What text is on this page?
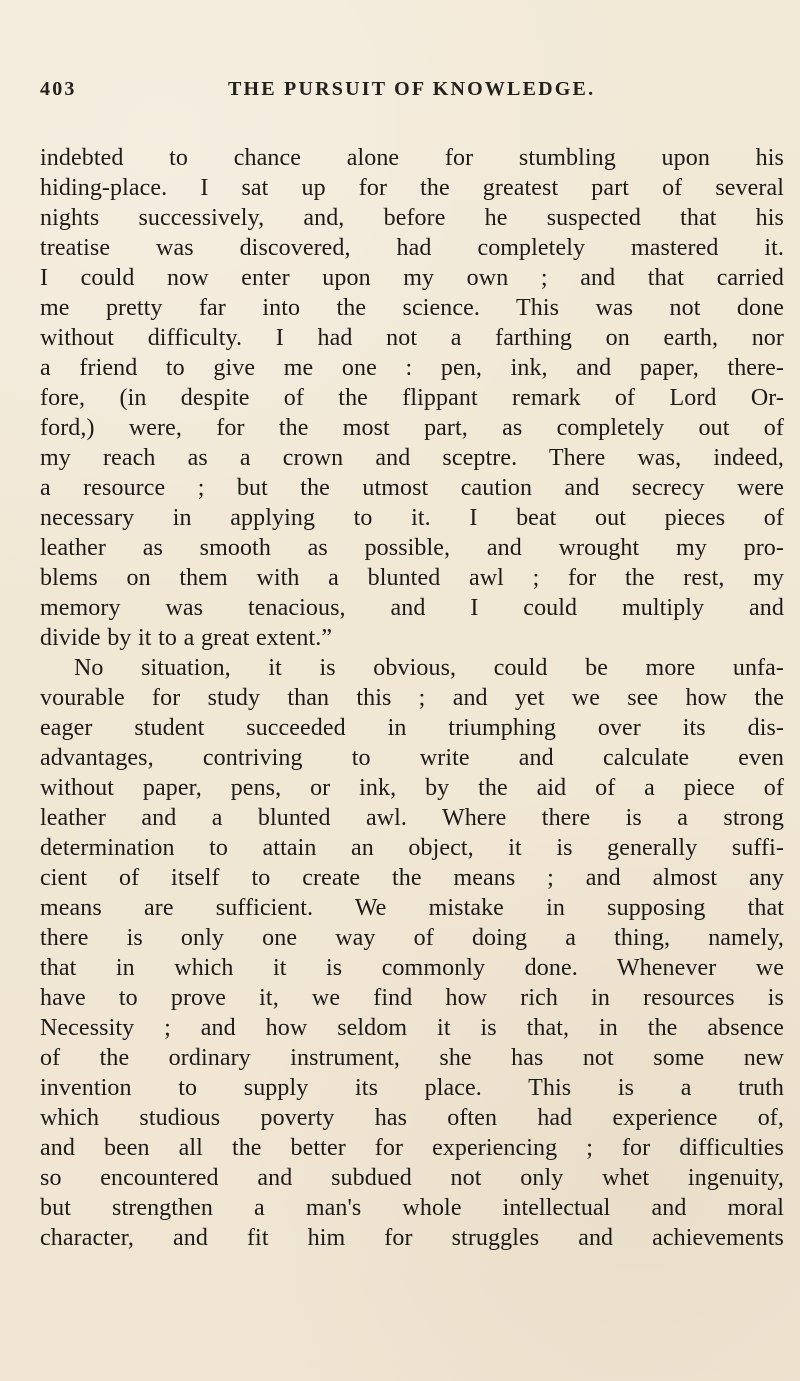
403	THE PURSUIT OF KNOWLEDGE.
indebted to chance alone for stumbling upon his
hiding-place. I sat up for the greatest part of several
nights successively, and, before he suspected that his
treatise was discovered, had completely mastered it.
I could now enter upon my own ; and that carried
me pretty far into the science. This was not done
without difficulty. I had not a farthing on earth, nor
a friend to give me one : pen, ink, and paper, there-
fore, (in despite of the flippant remark of Lord Or-
ford,) were, for the most part, as completely out of
my reach as a crown and sceptre. There was, indeed,
a resource ; but the utmost caution and secrecy were
necessary in applying to it. I beat out pieces of
leather as smooth as possible, and wrought my pro-
blems on them with a blunted awl ; for the rest, my
memory was tenacious, and I could multiply and
divide by it to a great extent.”
No situation, it is obvious, could be more unfa-
vourable for study than this ; and yet we see how the
eager student succeeded in triumphing over its dis-
advantages, contriving to write and calculate even
without paper, pens, or ink, by the aid of a piece of
leather and a blunted awl. Where there is a strong
determination to attain an object, it is generally suffi-
cient of itself to create the means ; and almost any
means are sufficient. We mistake in supposing that
there is only one way of doing a thing, namely,
that in which it is commonly done. Whenever we
have to prove it, we find how rich in resources is
Necessity ; and how seldom it is that, in the absence
of the ordinary instrument, she has not some new
invention to supply its place. This is a truth
which studious poverty has often had experience of,
and been all the better for experiencing ; for difficulties
so encountered and subdued not only whet ingenuity,
but strengthen a man's whole intellectual and moral
character, and fit him for struggles and achievements
